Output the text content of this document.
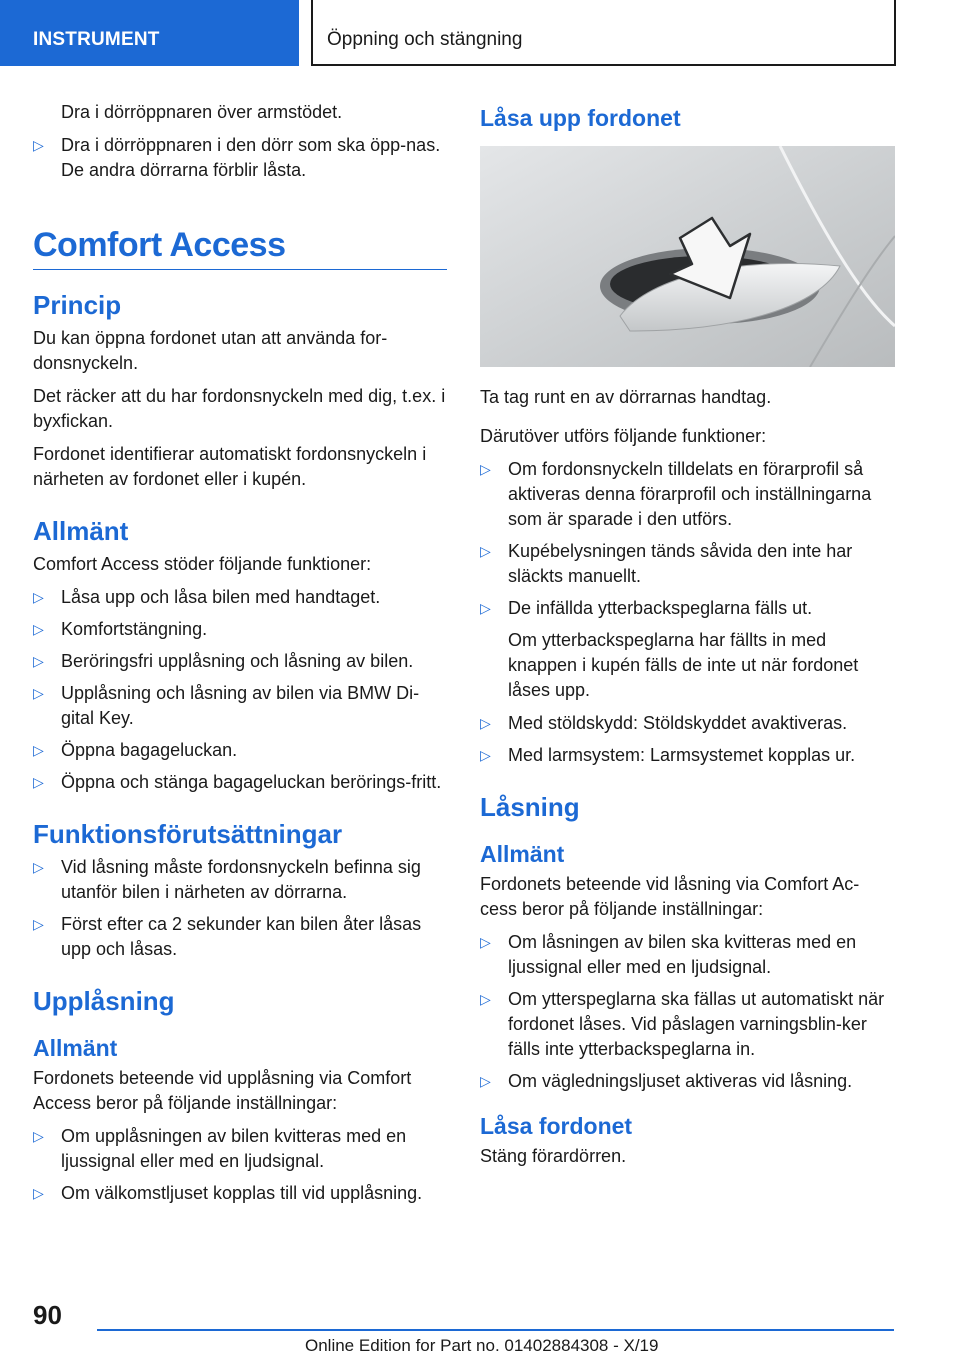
INSTRUMENT	Öppning och stängning

Dra i dörröppnaren över armstödet.

▷ Dra i dörröppnaren i den dörr som ska öpp-nas. De andra dörrarna förblir låsta.
Comfort Access
Princip

Du kan öppna fordonet utan att använda for-donsnyckeln.

Det räcker att du har fordonsnyckeln med dig, t.ex. i byxfickan.

Fordonet identifierar automatiskt fordonsnyckeln i närheten av fordonet eller i kupén.

Allmänt

Comfort Access stöder följande funktioner:

▷ Låsa upp och låsa bilen med handtaget.
▷ Komfortstängning.
▷ Beröringsfri upplåsning och låsning av bilen.
▷ Upplåsning och låsning av bilen via BMW Di-gital Key.
▷ Öppna bagageluckan.
▷ Öppna och stänga bagageluckan berörings-fritt.
Funktionsförutsättningar
▷ Vid låsning måste fordonsnyckeln befinna sig utanför bilen i närheten av dörrarna.
▷ Först efter ca 2 sekunder kan bilen åter låsas upp och låsas.
Upplåsning
Allmänt

Fordonets beteende vid upplåsning via Comfort Access beror på följande inställningar:

▷ Om upplåsningen av bilen kvitteras med en ljussignal eller med en ljudsignal.
▷ Om välkomstljuset kopplas till vid upplåsning.
Låsa upp fordonet

Ta tag runt en av dörrarnas handtag.

Därutöver utförs följande funktioner:

▷ Om fordonsnyckeln tilldelats en förarprofil så aktiveras denna förarprofil och inställningarna som är sparade i den utförs.
▷ Kupébelysningen tänds såvida den inte har släckts manuellt.
▷ De infällda ytterbackspeglarna fälls ut.

Om ytterbackspeglarna har fällts in med knappen i kupén fälls de inte ut när fordonet låses upp.

▷ Med stöldskydd: Stöldskyddet avaktiveras.
▷ Med larmsystem: Larmsystemet kopplas ur.
Låsning
Allmänt

Fordonets beteende vid låsning via Comfort Ac-cess beror på följande inställningar:

▷ Om låsningen av bilen ska kvitteras med en ljussignal eller med en ljudsignal.
▷ Om ytterspeglarna ska fällas ut automatiskt när fordonet låses. Vid påslagen varningsblin-ker fälls inte ytterbackspeglarna in.
▷ Om vägledningsljuset aktiveras vid låsning.
Låsa fordonet

Stäng förardörren.

90
Online Edition for Part no. 01402884308 - X/19
